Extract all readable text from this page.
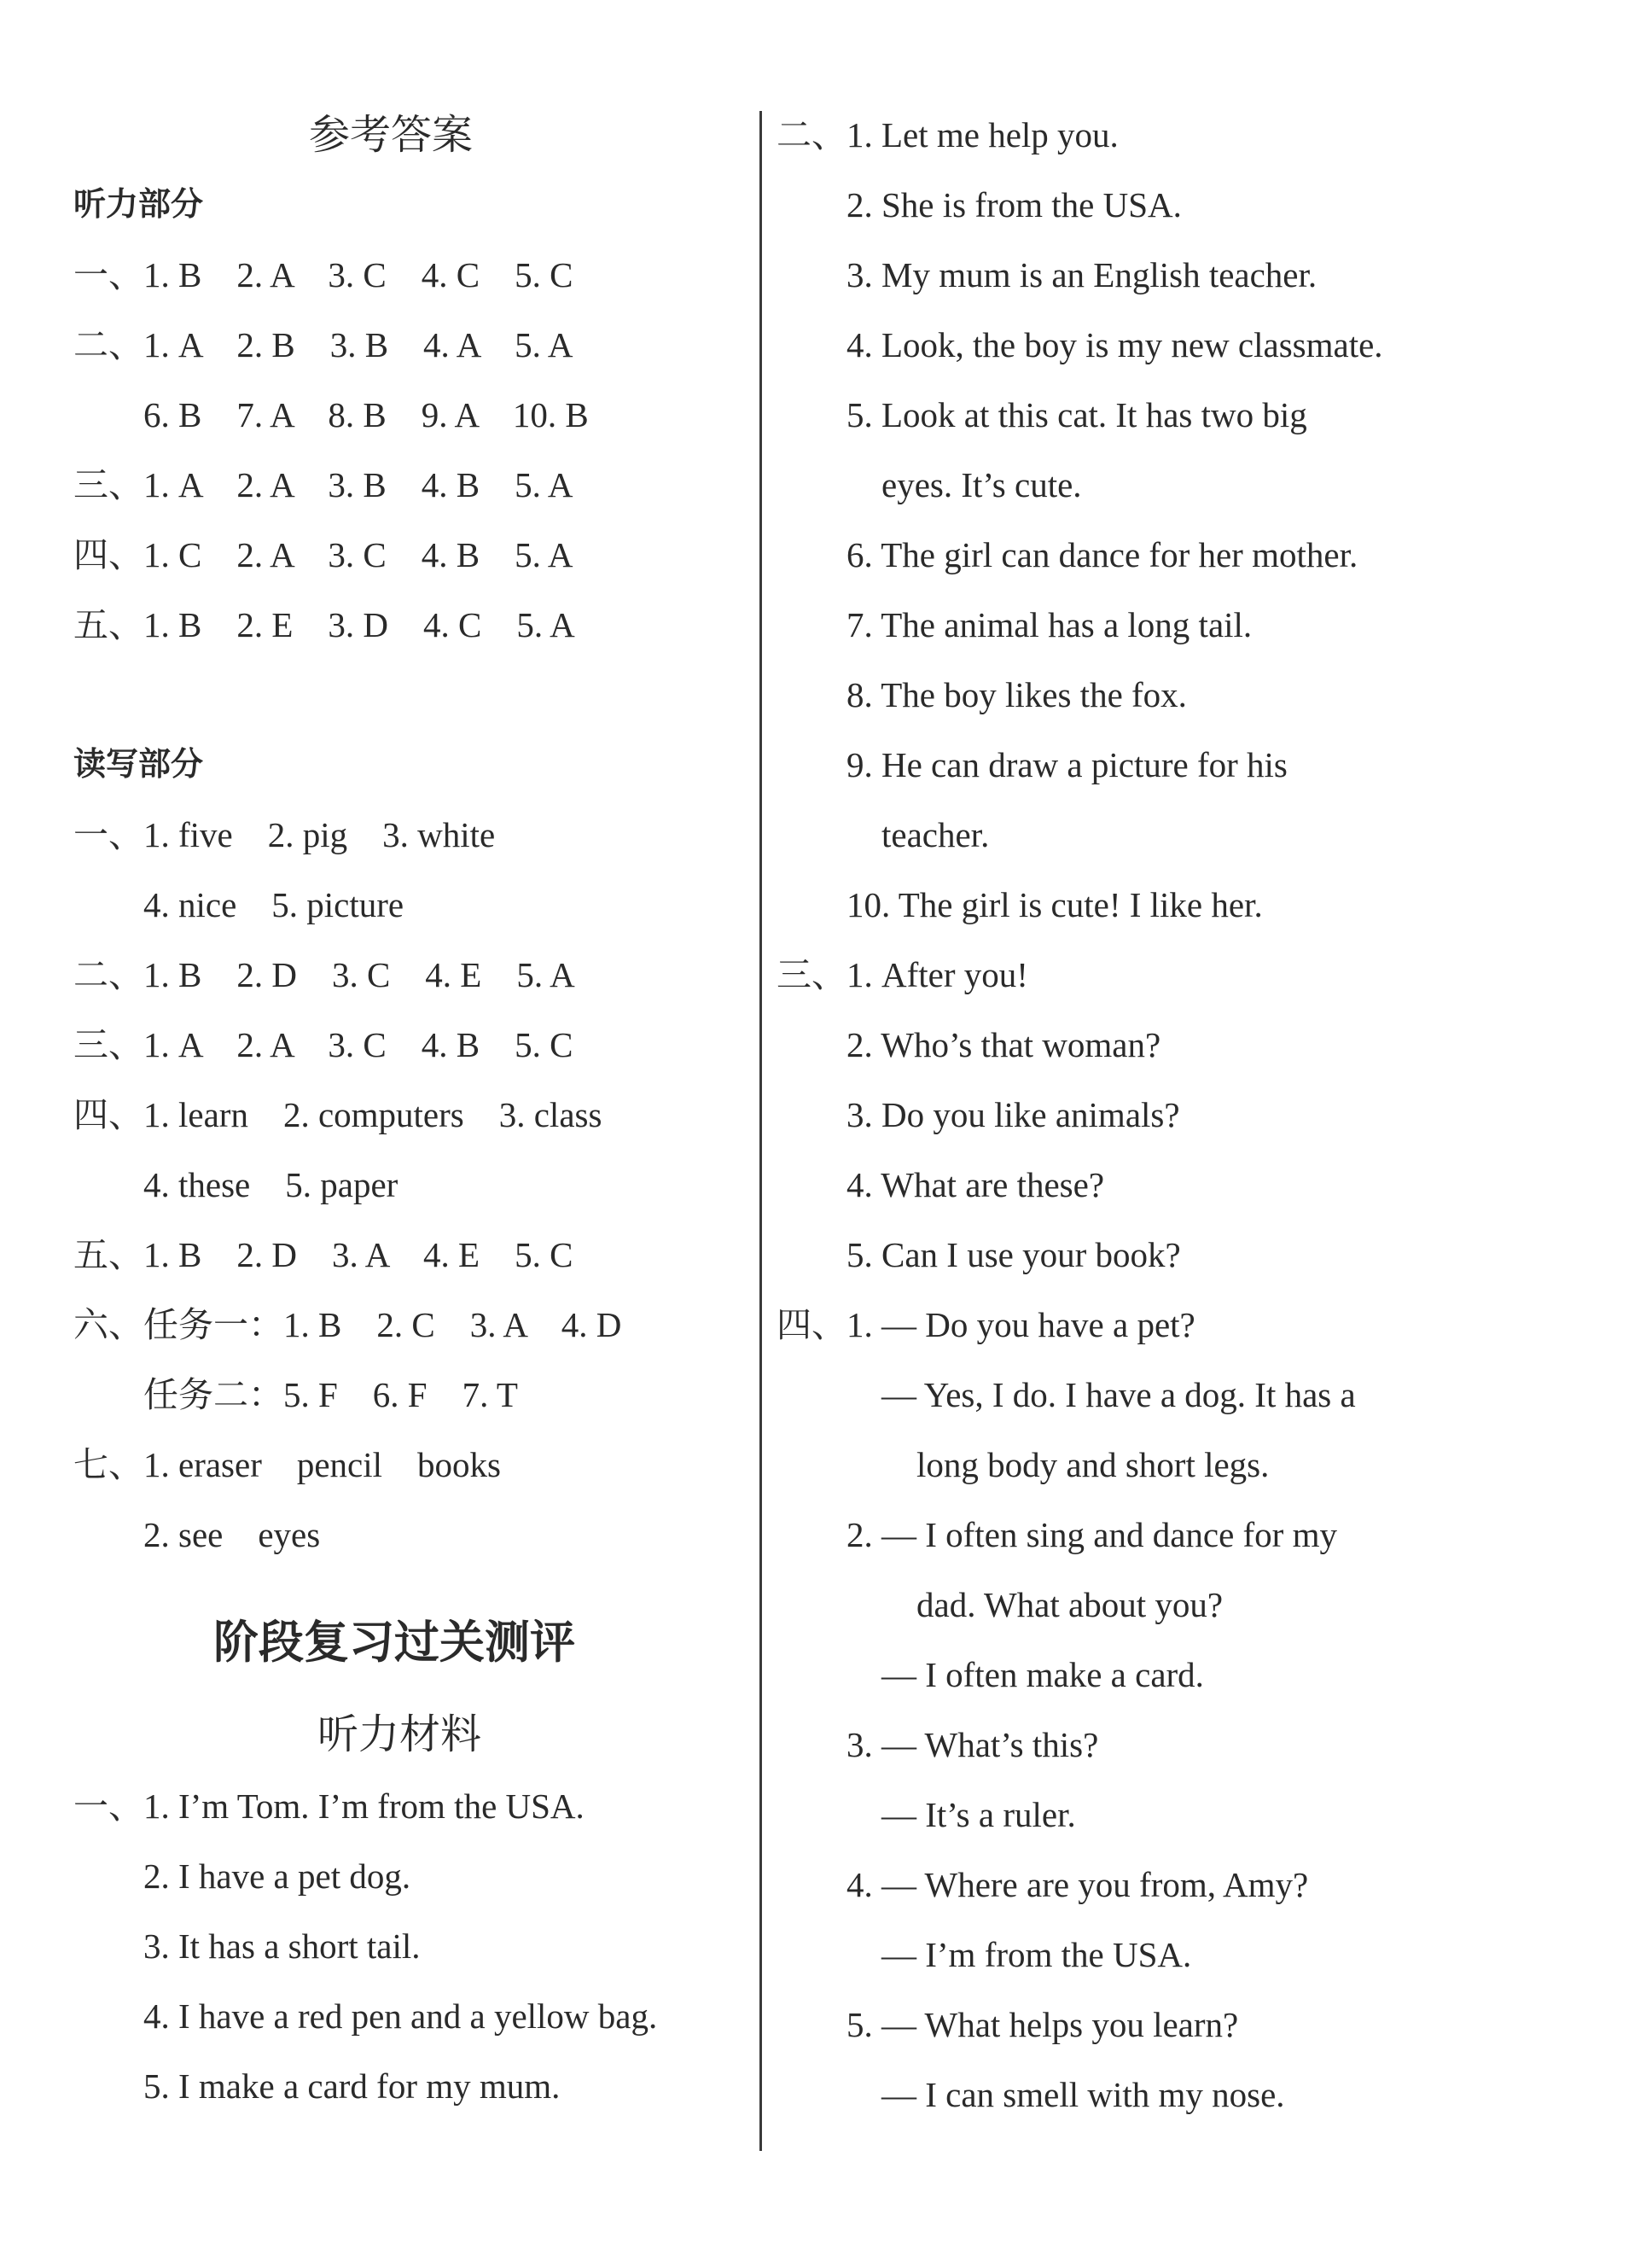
参考答案
听力部分
一、1. B　2. A　3. C　4. C　5. C
二、1. A　2. B　3. B　4. A　5. A
　　6. B　7. A　8. B　9. A　10. B
三、1. A　2. A　3. B　4. B　5. A
四、1. C　2. A　3. C　4. B　5. A
五、1. B　2. E　3. D　4. C　5. A
读写部分
一、1. five　2. pig　3. white
　　4. nice　5. picture
二、1. B　2. D　3. C　4. E　5. A
三、1. A　2. A　3. C　4. B　5. C
四、1. learn　2. computers　3. class
　　4. these　5. paper
五、1. B　2. D　3. A　4. E　5. C
六、任务一：1. B　2. C　3. A　4. D
　　任务二：5. F　6. F　7. T
七、1. eraser　pencil　books
　　2. see　eyes
阶段复习过关测评
听力材料
一、1. I’m Tom. I’m from the USA.
　　2. I have a pet dog.
　　3. It has a short tail.
　　4. I have a red pen and a yellow bag.
　　5. I make a card for my mum.
二、1. Let me help you.
　　2. She is from the USA.
　　3. My mum is an English teacher.
　　4. Look, the boy is my new classmate.
　　5. Look at this cat. It has two big
　　　eyes. It’s cute.
　　6. The girl can dance for her mother.
　　7. The animal has a long tail.
　　8. The boy likes the fox.
　　9. He can draw a picture for his
　　　teacher.
　　10. The girl is cute! I like her.
三、1. After you!
　　2. Who’s that woman?
　　3. Do you like animals?
　　4. What are these?
　　5. Can I use your book?
四、1. — Do you have a pet?
　　　— Yes, I do. I have a dog. It has a
　　　　long body and short legs.
　　2. — I often sing and dance for my
　　　　dad. What about you?
　　　— I often make a card.
　　3. — What’s this?
　　　— It’s a ruler.
　　4. — Where are you from, Amy?
　　　— I’m from the USA.
　　5. — What helps you learn?
　　　— I can smell with my nose.
